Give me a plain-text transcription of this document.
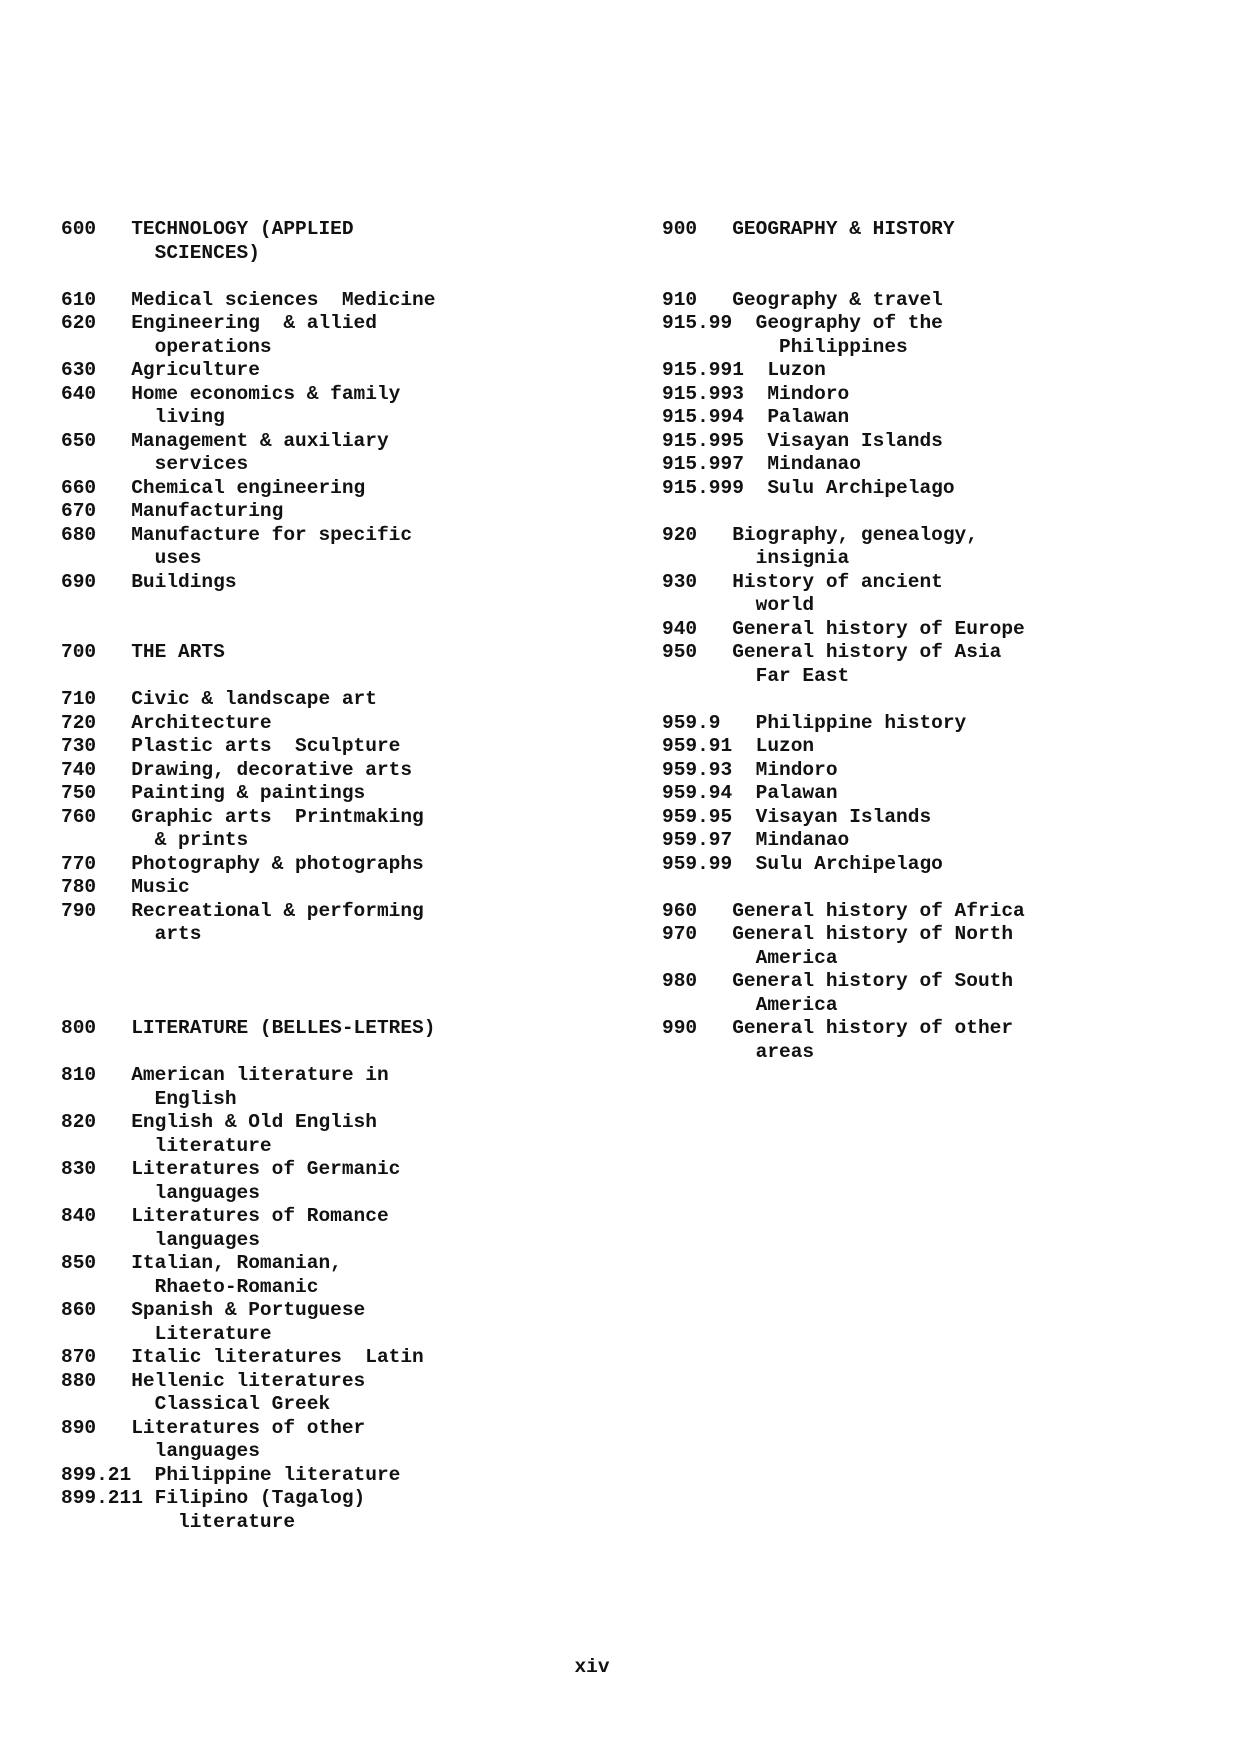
600   TECHNOLOGY (APPLIED
SCIENCES)
610   Medical sciences  Medicine
620   Engineering  & allied
operations
630   Agriculture
640   Home economics & family
living
650   Management & auxiliary
services
660   Chemical engineering
670   Manufacturing
680   Manufacture for specific
uses
690   Buildings
700   THE ARTS
710   Civic & landscape art
720   Architecture
730   Plastic arts  Sculpture
740   Drawing, decorative arts
750   Painting & paintings
760   Graphic arts  Printmaking
& prints
770   Photography & photographs
780   Music
790   Recreational & performing
arts
800   LITERATURE (BELLES-LETRES)
810   American literature in
English
820   English & Old English
literature
830   Literatures of Germanic
languages
840   Literatures of Romance
languages
850   Italian, Romanian,
Rhaeto-Romanic
860   Spanish & Portuguese
Literature
870   Italic literatures  Latin
880   Hellenic literatures
Classical Greek
890   Literatures of other
languages
899.21  Philippine literature
899.211 Filipino (Tagalog)
literature
900   GEOGRAPHY & HISTORY
910   Geography & travel
915.99  Geography of the
Philippines
915.991  Luzon
915.993  Mindoro
915.994  Palawan
915.995  Visayan Islands
915.997  Mindanao
915.999  Sulu Archipelago
920   Biography, genealogy,
insignia
930   History of ancient
world
940   General history of Europe
950   General history of Asia
Far East
959.9   Philippine history
959.91  Luzon
959.93  Mindoro
959.94  Palawan
959.95  Visayan Islands
959.97  Mindanao
959.99  Sulu Archipelago
960   General history of Africa
970   General history of North
America
980   General history of South
America
990   General history of other
areas
xiv
